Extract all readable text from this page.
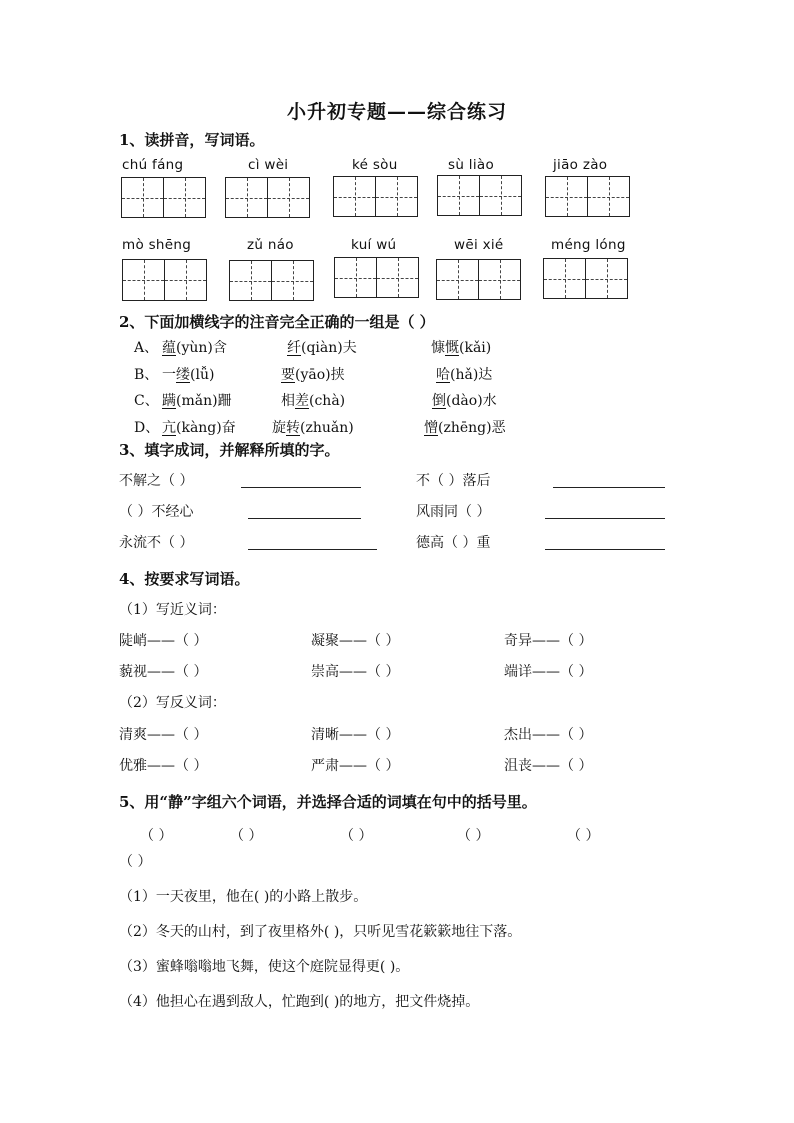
小升初专题——综合练习
1、读拼音，写词语。
chú fáng	cì wèi	ké sòu	sù liào	jiāo zào
mò shēng	zǔ náo	kuí wú	wēi xié	méng lóng
2、下面加横线字的注音完全正确的一组是（ ）
A、 蕴(yùn)含	纤(qiàn)夫	慷慨(kǎi)
B、 一缕(lǚ)	要(yāo)挟	哈(hǎ)达
C、 蹒(mǎn)跚	相差(chà)	倒(dào)水
D、 亢(kàng)奋	旋转(zhuǎn)	憎(zhēng)恶
3、填字成词，并解释所填的字。
不解之（ ）	不（ ）落后
（ ）不经心	风雨同（ ）
永流不（ ）	德高（ ）重
4、按要求写词语。
（1）写近义词：
陡峭——（ ）	凝聚——（ ）	奇异——（ ）
藐视——（ ）	崇高——（ ）	端详——（ ）
（2）写反义词：
清爽——（ ）	清晰——（ ）	杰出——（ ）
优雅——（ ）	严肃——（ ）	沮丧——（ ）
5、用“静”字组六个词语，并选择合适的词填在句中的括号里。
（ ）	（ ）	（ ）	（ ）	（ ）
（ ）
（1）一天夜里，他在( )的小路上散步。
（2）冬天的山村，到了夜里格外( )，只听见雪花簌簌地往下落。
（3）蜜蜂嗡嗡地飞舞，使这个庭院显得更( )。
（4）他担心在遇到敌人，忙跑到( )的地方，把文件烧掉。
